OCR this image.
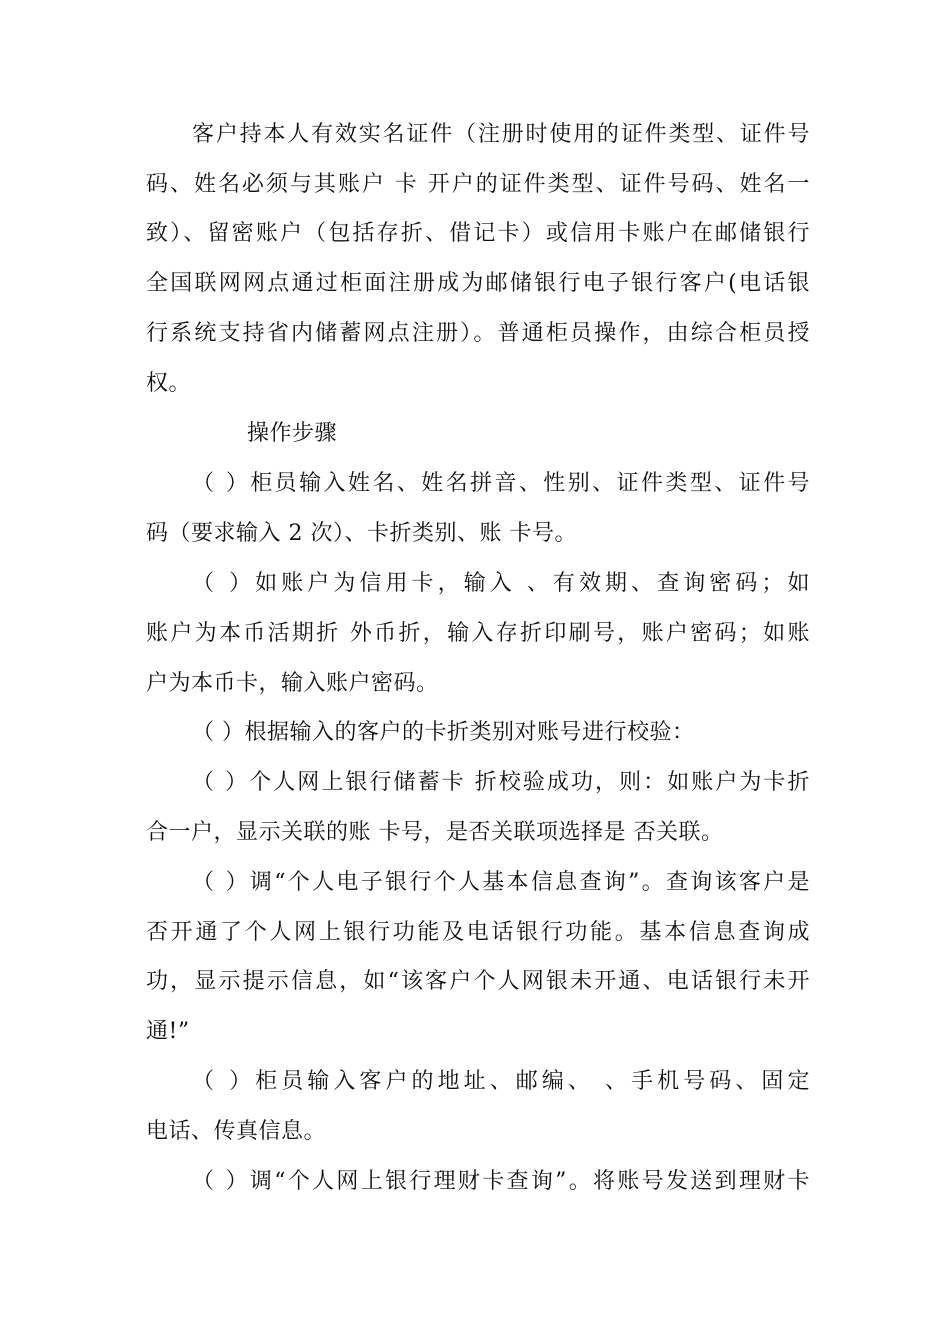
客户持本人有效实名证件（注册时使用的证件类型、证件号
码、姓名必须与其账户 卡 开户的证件类型、证件号码、姓名一
致）、留密账户（包括存折、借记卡）或信用卡账户在邮储银行
全国联网网点通过柜面注册成为邮储银行电子银行客户(电话银
行系统支持省内储蓄网点注册）。普通柜员操作，由综合柜员授
权。
操作步骤
（ ）柜员输入姓名、姓名拼音、性别、证件类型、证件号
码（要求输入 2 次）、卡折类别、账 卡号。
（ ）如账户为信用卡，输入 、有效期、查询密码；如
账户为本币活期折 外币折，输入存折印刷号，账户密码；如账
户为本币卡，输入账户密码。
（ ）根据输入的客户的卡折类别对账号进行校验：
（ ）个人网上银行储蓄卡 折校验成功，则：如账户为卡折
合一户，显示关联的账 卡号，是否关联项选择是 否关联。
（ ）调“个人电子银行个人基本信息查询”。查询该客户是
否开通了个人网上银行功能及电话银行功能。基本信息查询成
功，显示提示信息，如“该客户个人网银未开通、电话银行未开
通!”
（ ）柜员输入客户的地址、邮编、 、手机号码、固定
电话、传真信息。
（ ）调“个人网上银行理财卡查询”。将账号发送到理财卡
